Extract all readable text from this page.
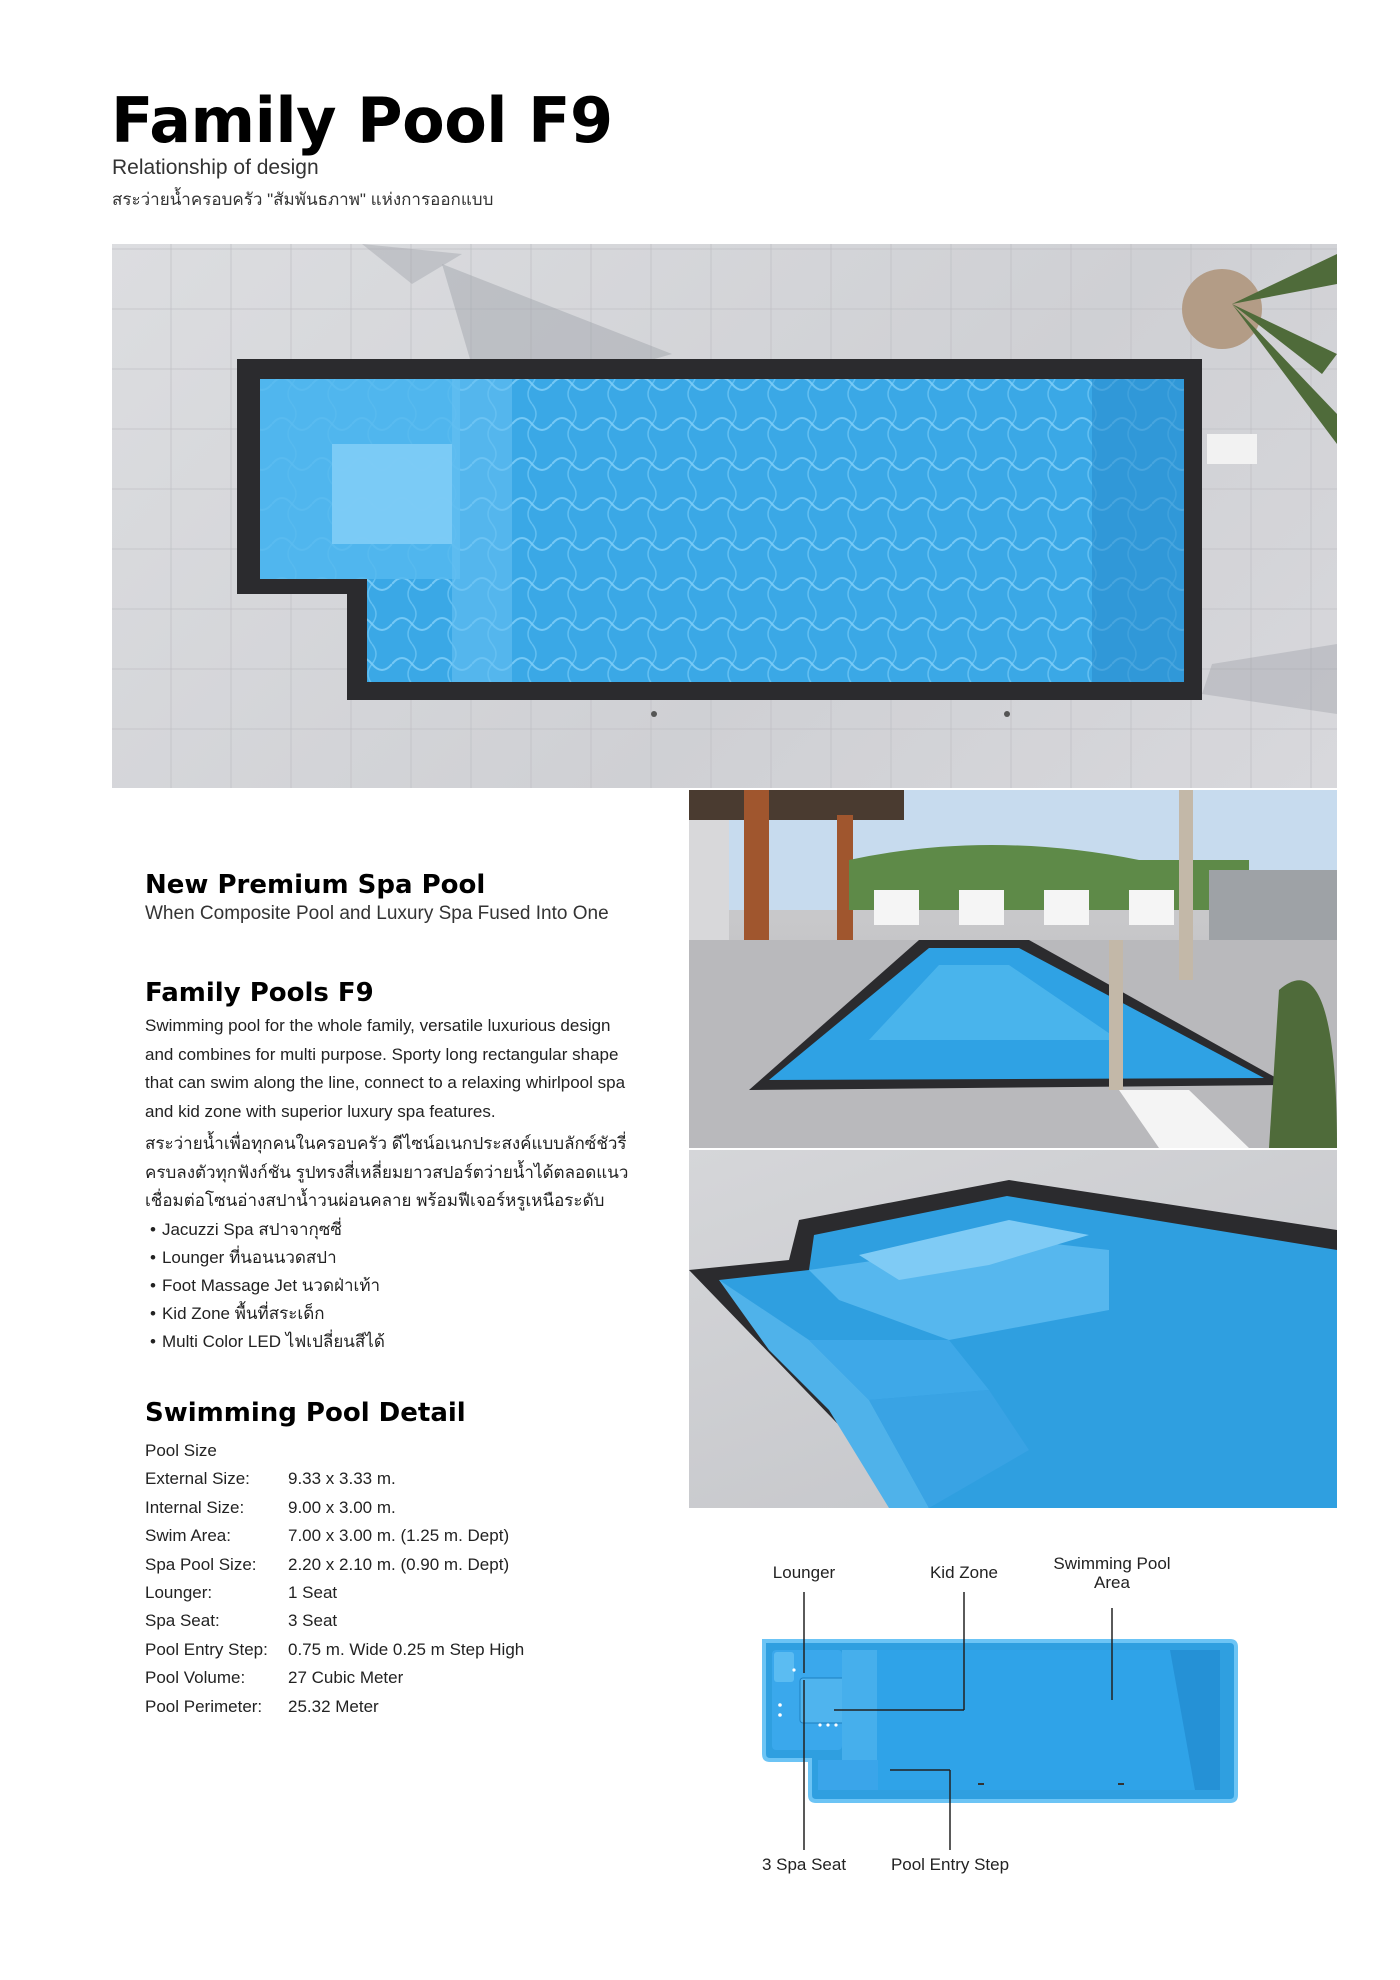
Family Pool F9
Relationship of design
สระว่ายน้ำครอบครัว "สัมพันธภาพ" แห่งการออกแบบ
New Premium Spa Pool
When Composite Pool and Luxury Spa Fused Into One
Family Pools F9
Swimming pool for the whole family, versatile luxurious design
and combines for multi purpose. Sporty long rectangular shape
that can swim along the line, connect to a relaxing whirlpool spa
and kid zone with superior luxury spa features.
สระว่ายน้ำเพื่อทุกคนในครอบครัว ดีไซน์อเนกประสงค์แบบลักซ์ชัวรี่
ครบลงตัวทุกฟังก์ชัน รูปทรงสี่เหลี่ยมยาวสปอร์ตว่ายน้ำได้ตลอดแนว
เชื่อมต่อโซนอ่างสปาน้ำวนผ่อนคลาย พร้อมฟีเจอร์หรูเหนือระดับ
• Jacuzzi Spa สปาจากุซซี่
• Lounger ที่นอนนวดสปา
• Foot Massage Jet นวดฝ่าเท้า
• Kid Zone พื้นที่สระเด็ก
• Multi Color LED ไฟเปลี่ยนสีได้
Swimming Pool Detail
Pool Size	
External Size:	9.33 x 3.33 m.
Internal Size:	9.00 x 3.00 m.
Swim Area:	7.00 x 3.00 m. (1.25 m. Dept)
Spa Pool Size:	2.20 x 2.10 m. (0.90 m. Dept)
Lounger:	1 Seat
Spa Seat:	3 Seat
Pool Entry Step:	0.75 m. Wide 0.25 m Step High
Pool Volume:	27 Cubic Meter
Pool Perimeter:	25.32 Meter
Lounger	Kid Zone	Swimming Pool
Area
3 Spa Seat	Pool Entry Step
